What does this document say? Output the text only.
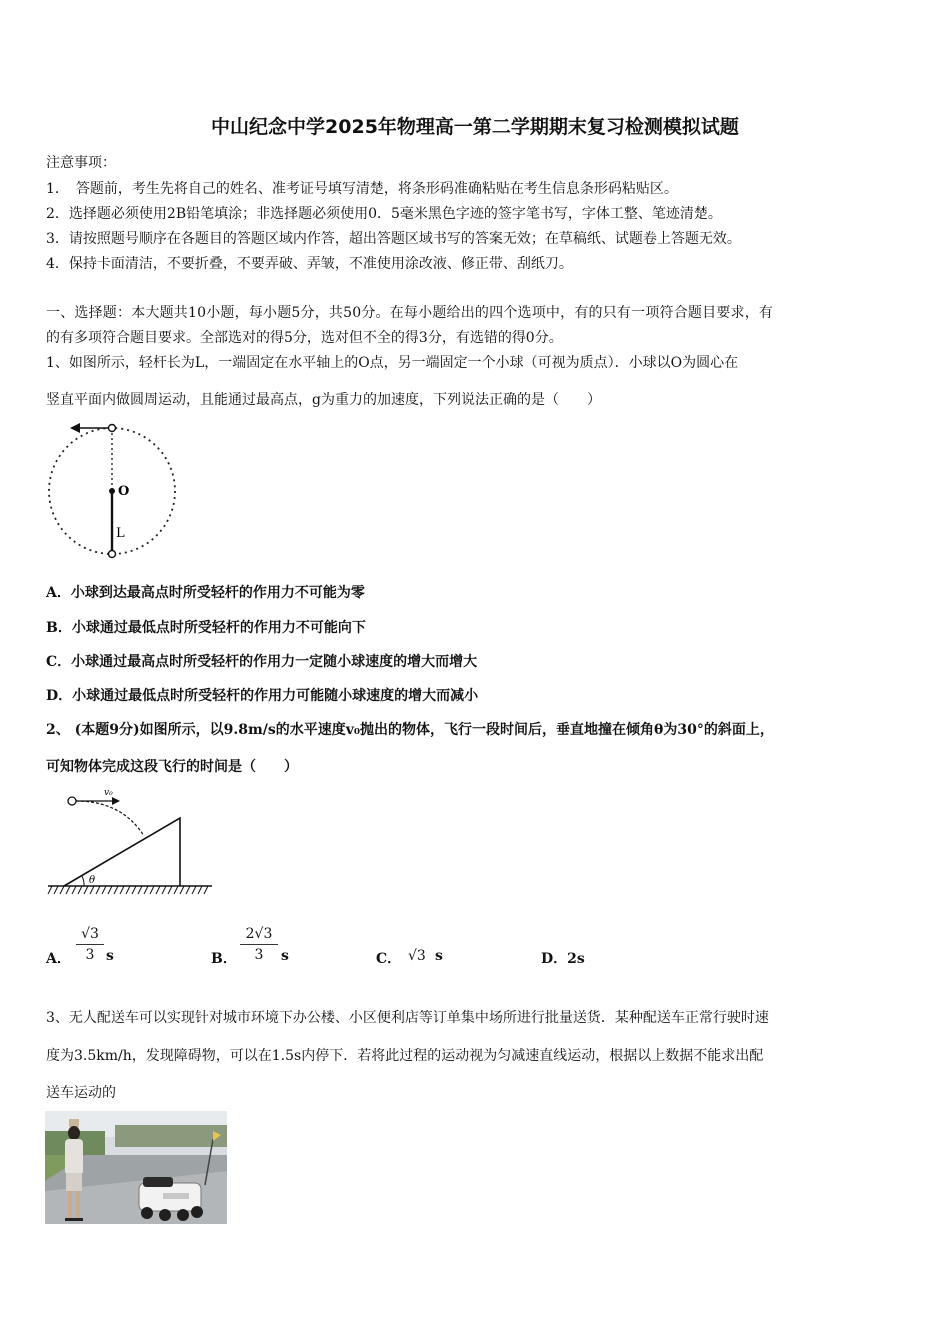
中山纪念中学2025年物理高一第二学期期末复习检测模拟试题
注意事项：
1．　答题前，考生先将自己的姓名、准考证号填写清楚，将条形码准确粘贴在考生信息条形码粘贴区。
2．选择题必须使用2B铅笔填涂；非选择题必须使用0．5毫米黑色字迹的签字笔书写，字体工整、笔迹清楚。
3．请按照题号顺序在各题目的答题区域内作答，超出答题区域书写的答案无效；在草稿纸、试题卷上答题无效。
4．保持卡面清洁，不要折叠，不要弄破、弄皱，不准使用涂改液、修正带、刮纸刀。
一、选择题：本大题共10小题，每小题5分，共50分。在每小题给出的四个选项中，有的只有一项符合题目要求，有
的有多项符合题目要求。全部选对的得5分，选对但不全的得3分，有选错的得0分。
1、如图所示，轻杆长为L，一端固定在水平轴上的O点，另一端固定一个小球（可视为质点）．小球以O为圆心在
竖直平面内做圆周运动，且能通过最高点，g为重力的加速度，下列说法正确的是（　　）
O
L
A．小球到达最高点时所受轻杆的作用力不可能为零
B．小球通过最低点时所受轻杆的作用力不可能向下
C．小球通过最高点时所受轻杆的作用力一定随小球速度的增大而增大
D．小球通过最低点时所受轻杆的作用力可能随小球速度的增大而减小
2、 (本题9分)如图所示，以9.8m/s的水平速度v₀抛出的物体，飞行一段时间后，垂直地撞在倾角θ为30°的斜面上，
可知物体完成这段飞行的时间是（　　）
θ
v₀
A．
√3
3 s	B．
2√3
3	s	C． √3 s	D．2s
3、无人配送车可以实现针对城市环境下办公楼、小区便利店等订单集中场所进行批量送货．某种配送车正常行驶时速
度为3.5km/h，发现障碍物，可以在1.5s内停下．若将此过程的运动视为匀减速直线运动，根据以上数据不能求出配
送车运动的
